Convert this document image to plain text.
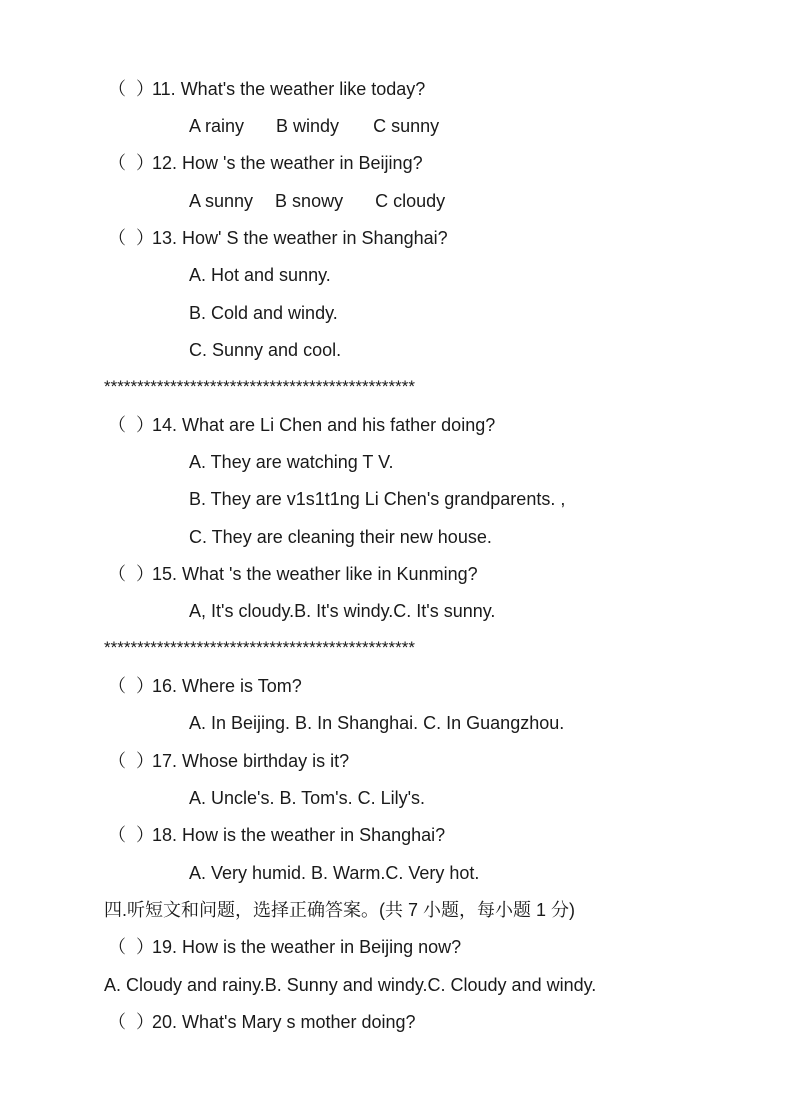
（  ）11. What's the weather like today?
A rainy B windy C sunny
（  ）12. How 's the weather in Beijing?
A sunny B snowy C cloudy
（  ）13. How' S the weather in Shanghai?
A. Hot and sunny.
B. Cold and windy.
C. Sunny and cool.
***********************************************
（  ）14. What are Li Chen and his father doing?
A. They are watching T V.
B. They are v1s1t1ng Li Chen's grandparents. ,
C. They are cleaning their new house.
（  ）15. What 's the weather like in Kunming?
A, It's cloudy.B. It's windy.C. It's sunny.
***********************************************
（  ）16. Where is Tom?
A. In Beijing. B. In Shanghai. C. In Guangzhou.
（  ）17. Whose birthday is it?
A. Uncle's. B. Tom's. C. Lily's.
（  ）18. How is the weather in Shanghai?
A. Very humid. B. Warm.C. Very hot.
四.听短文和问题，选择正确答案。(共 7 小题，每小题 1 分)
（  ）19. How is the weather in Beijing now?
A. Cloudy and rainy.B. Sunny and windy.C. Cloudy and windy.
（  ）20. What's Mary s mother doing?
